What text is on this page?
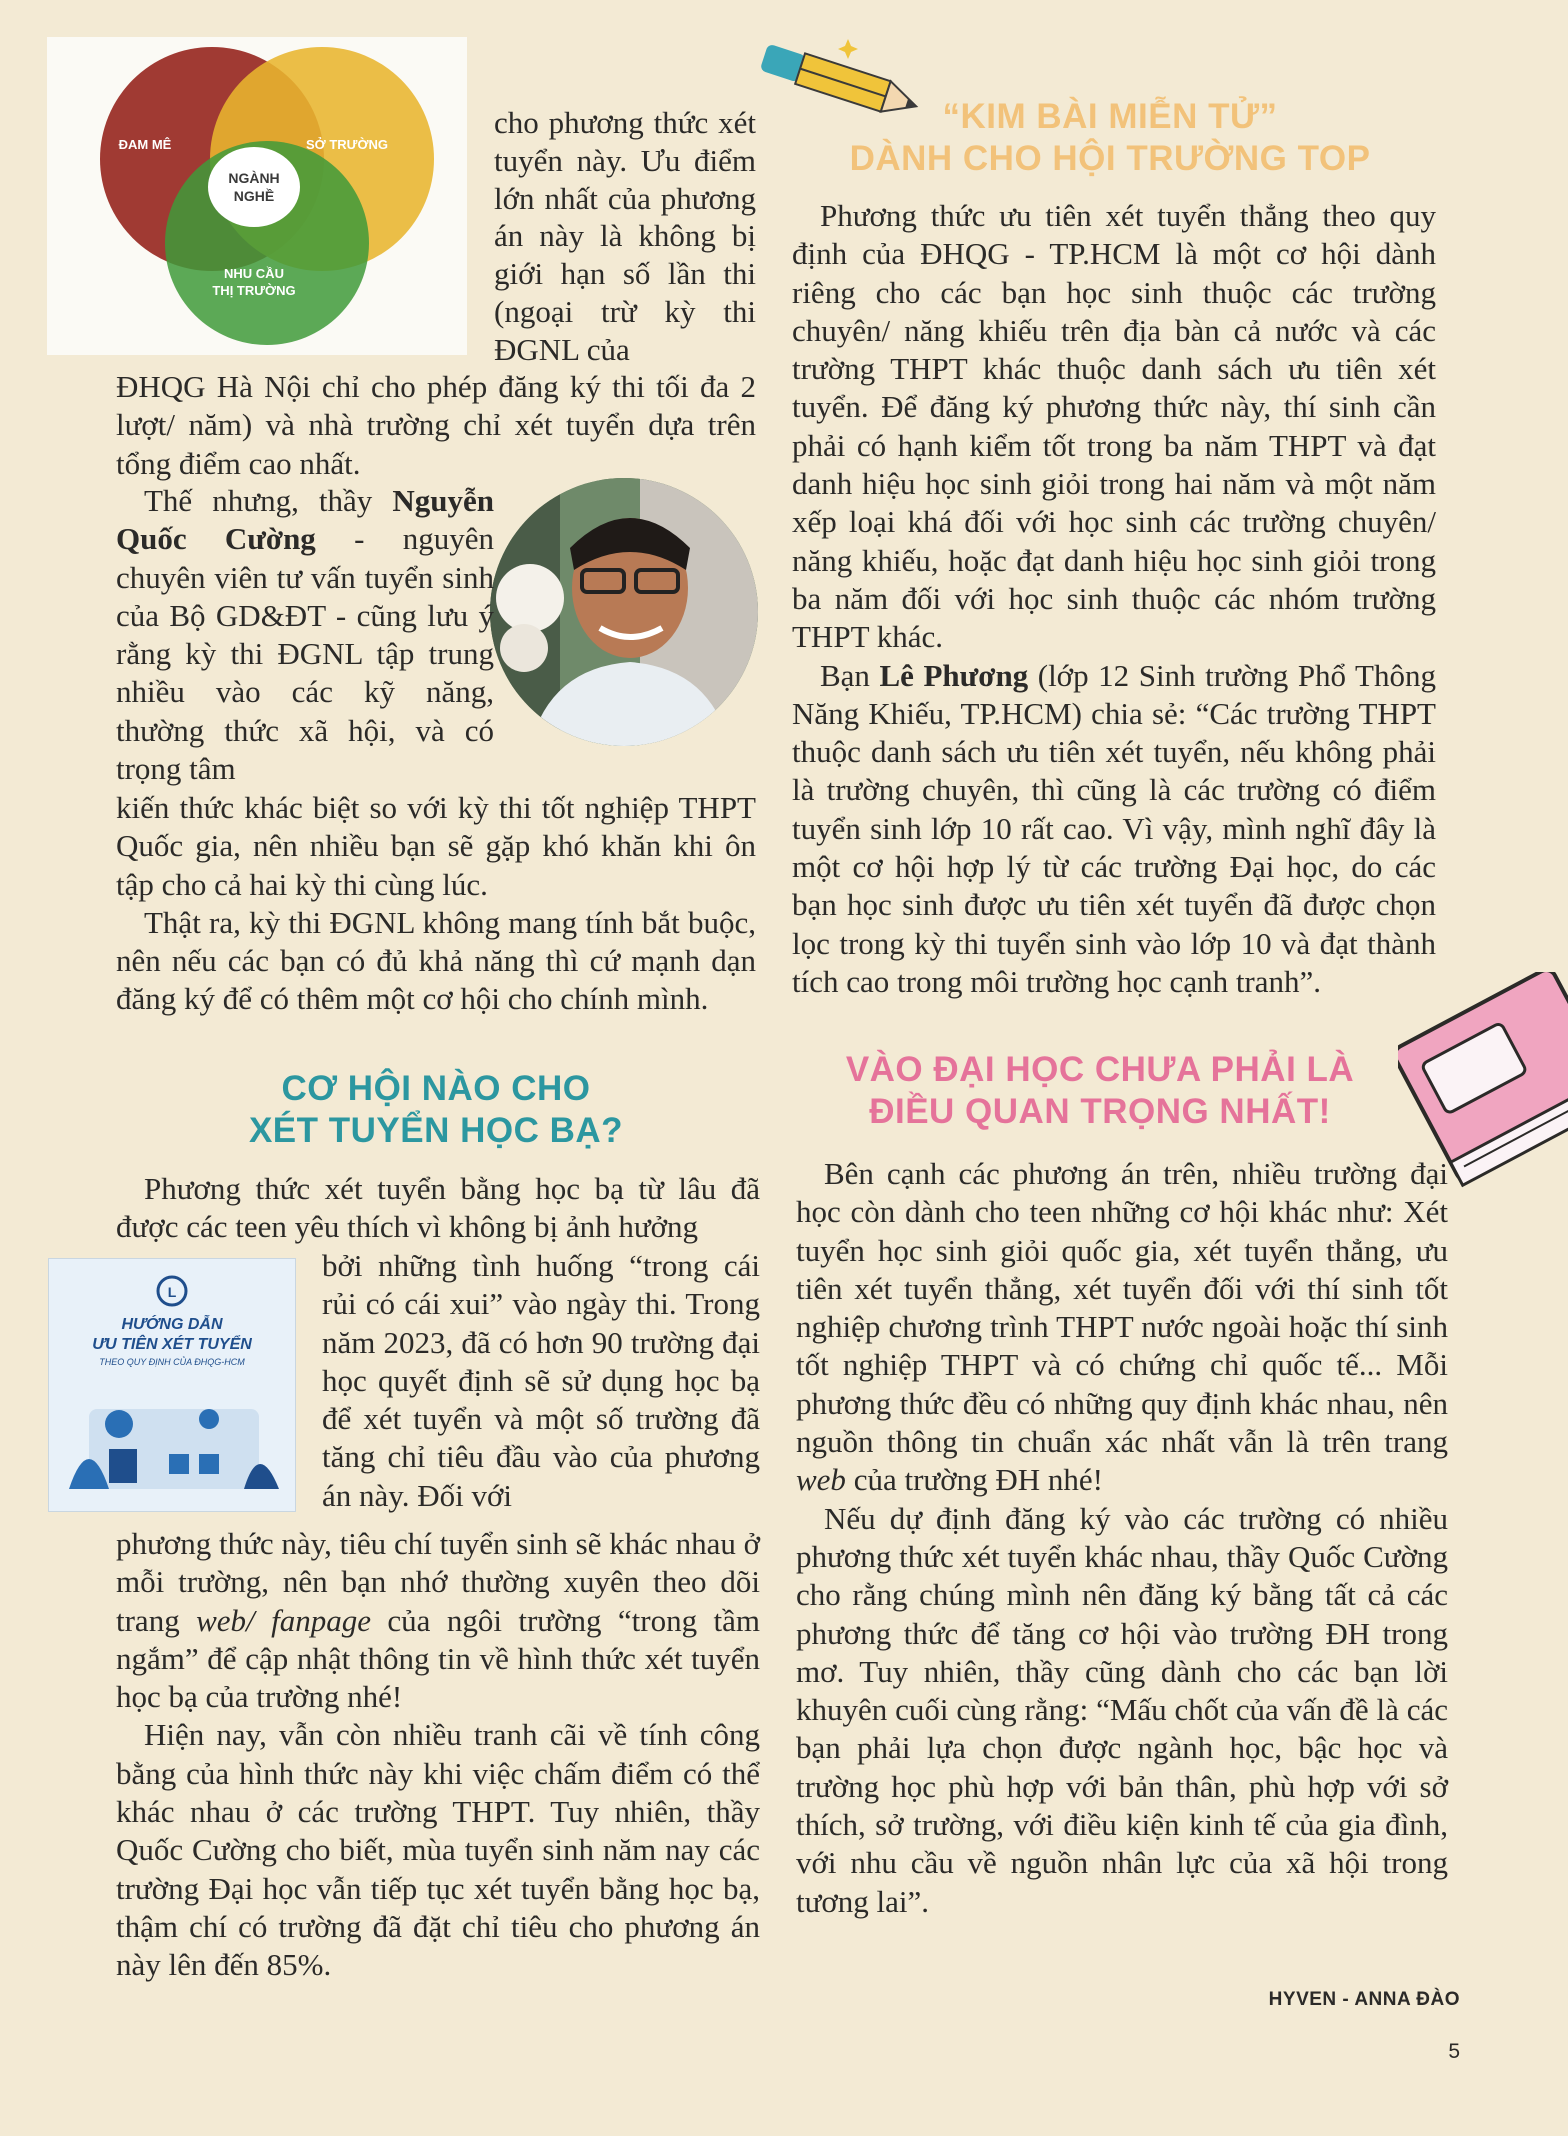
ĐAM MÊ	SỞ TRƯỜNG
NGÀNH
NGHỀ
NHU CẦU
THỊ TRƯỜNG

cho phương thức xét tuyển này. Ưu điểm lớn nhất của phương án này là không bị giới hạn số lần thi (ngoại trừ kỳ thi ĐGNL của

ĐHQG Hà Nội chỉ cho phép đăng ký thi tối đa 2 lượt/ năm) và nhà trường chỉ xét tuyển dựa trên tổng điểm cao nhất.

Thế nhưng, thầy Nguyễn Quốc Cường - nguyên chuyên viên tư vấn tuyển sinh của Bộ GD&ĐT - cũng lưu ý rằng kỳ thi ĐGNL tập trung nhiều vào các kỹ năng, thường thức xã hội, và có trọng tâm

kiến thức khác biệt so với kỳ thi tốt nghiệp THPT Quốc gia, nên nhiều bạn sẽ gặp khó khăn khi ôn tập cho cả hai kỳ thi cùng lúc.

Thật ra, kỳ thi ĐGNL không mang tính bắt buộc, nên nếu các bạn có đủ khả năng thì cứ mạnh dạn đăng ký để có thêm một cơ hội cho chính mình.

CƠ HỘI NÀO CHO
XÉT TUYỂN HỌC BẠ?

Phương thức xét tuyển bằng học bạ từ lâu đã được các teen yêu thích vì không bị ảnh hưởng

L
HƯỚNG DẪN
ƯU TIÊN XÉT TUYỂN
THEO QUY ĐỊNH CỦA ĐHQG-HCM

bởi những tình huống “trong cái rủi có cái xui” vào ngày thi. Trong năm 2023, đã có hơn 90 trường đại học quyết định sẽ sử dụng học bạ để xét tuyển và một số trường đã tăng chỉ tiêu đầu vào của phương án này. Đối với

phương thức này, tiêu chí tuyển sinh sẽ khác nhau ở mỗi trường, nên bạn nhớ thường xuyên theo dõi trang web/ fanpage của ngôi trường “trong tầm ngắm” để cập nhật thông tin về hình thức xét tuyển học bạ của trường nhé!

Hiện nay, vẫn còn nhiều tranh cãi về tính công bằng của hình thức này khi việc chấm điểm có thể khác nhau ở các trường THPT. Tuy nhiên, thầy Quốc Cường cho biết, mùa tuyển sinh năm nay các trường Đại học vẫn tiếp tục xét tuyển bằng học bạ, thậm chí có trường đã đặt chỉ tiêu cho phương án này lên đến 85%.

“KIM BÀI MIỄN TỬ”
DÀNH CHO HỘI TRƯỜNG TOP

Phương thức ưu tiên xét tuyển thẳng theo quy định của ĐHQG - TP.HCM là một cơ hội dành riêng cho các bạn học sinh thuộc các trường chuyên/ năng khiếu trên địa bàn cả nước và các trường THPT khác thuộc danh sách ưu tiên xét tuyển. Để đăng ký phương thức này, thí sinh cần phải có hạnh kiểm tốt trong ba năm THPT và đạt danh hiệu học sinh giỏi trong hai năm và một năm xếp loại khá đối với học sinh các trường chuyên/ năng khiếu, hoặc đạt danh hiệu học sinh giỏi trong ba năm đối với học sinh thuộc các nhóm trường THPT khác.

Bạn Lê Phương (lớp 12 Sinh trường Phổ Thông Năng Khiếu, TP.HCM) chia sẻ: “Các trường THPT thuộc danh sách ưu tiên xét tuyển, nếu không phải là trường chuyên, thì cũng là các trường có điểm tuyển sinh lớp 10 rất cao. Vì vậy, mình nghĩ đây là một cơ hội hợp lý từ các trường Đại học, do các bạn học sinh được ưu tiên xét tuyển đã được chọn lọc trong kỳ thi tuyển sinh vào lớp 10 và đạt thành tích cao trong môi trường học cạnh tranh”.

VÀO ĐẠI HỌC CHƯA PHẢI LÀ
ĐIỀU QUAN TRỌNG NHẤT!

Bên cạnh các phương án trên, nhiều trường đại học còn dành cho teen những cơ hội khác như: Xét tuyển học sinh giỏi quốc gia, xét tuyển thẳng, ưu tiên xét tuyển thẳng, xét tuyển đối với thí sinh tốt nghiệp chương trình THPT nước ngoài hoặc thí sinh tốt nghiệp THPT và có chứng chỉ quốc tế... Mỗi phương thức đều có những quy định khác nhau, nên nguồn thông tin chuẩn xác nhất vẫn là trên trang web của trường ĐH nhé!

Nếu dự định đăng ký vào các trường có nhiều phương thức xét tuyển khác nhau, thầy Quốc Cường cho rằng chúng mình nên đăng ký bằng tất cả các phương thức để tăng cơ hội vào trường ĐH trong mơ. Tuy nhiên, thầy cũng dành cho các bạn lời khuyên cuối cùng rằng: “Mấu chốt của vấn đề là các bạn phải lựa chọn được ngành học, bậc học và trường học phù hợp với bản thân, phù hợp với sở thích, sở trường, với điều kiện kinh tế của gia đình, với nhu cầu về nguồn nhân lực của xã hội trong tương lai”.

HYVEN - ANNA ĐÀO
5
